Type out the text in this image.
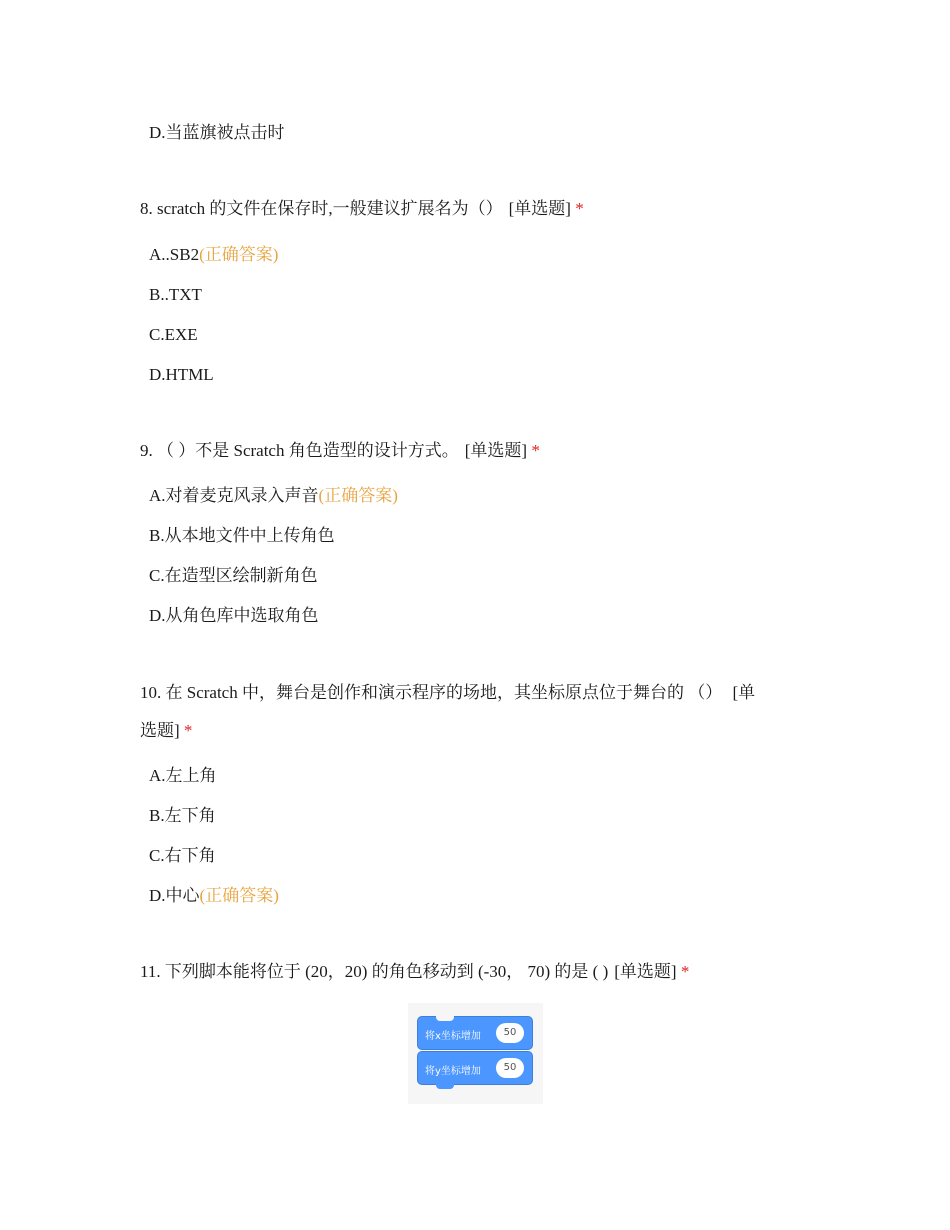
D.当蓝旗被点击时
8. scratch 的文件在保存时,一般建议扩展名为（） [单选题] *
A..SB2(正确答案)
B..TXT
C.EXE
D.HTML
9. （ ）不是 Scratch 角色造型的设计方式。 [单选题] *
A.对着麦克风录入声音(正确答案)
B.从本地文件中上传角色
C.在造型区绘制新角色
D.从角色库中选取角色
10. 在 Scratch 中，舞台是创作和演示程序的场地，其坐标原点位于舞台的 （） [单
选题] *
A.左上角
B.左下角
C.右下角
D.中心(正确答案)
11. 下列脚本能将位于 (20，20) 的角色移动到 (-30， 70) 的是 ( ) [单选题] *
将x坐标增加	50
将y坐标增加	50
